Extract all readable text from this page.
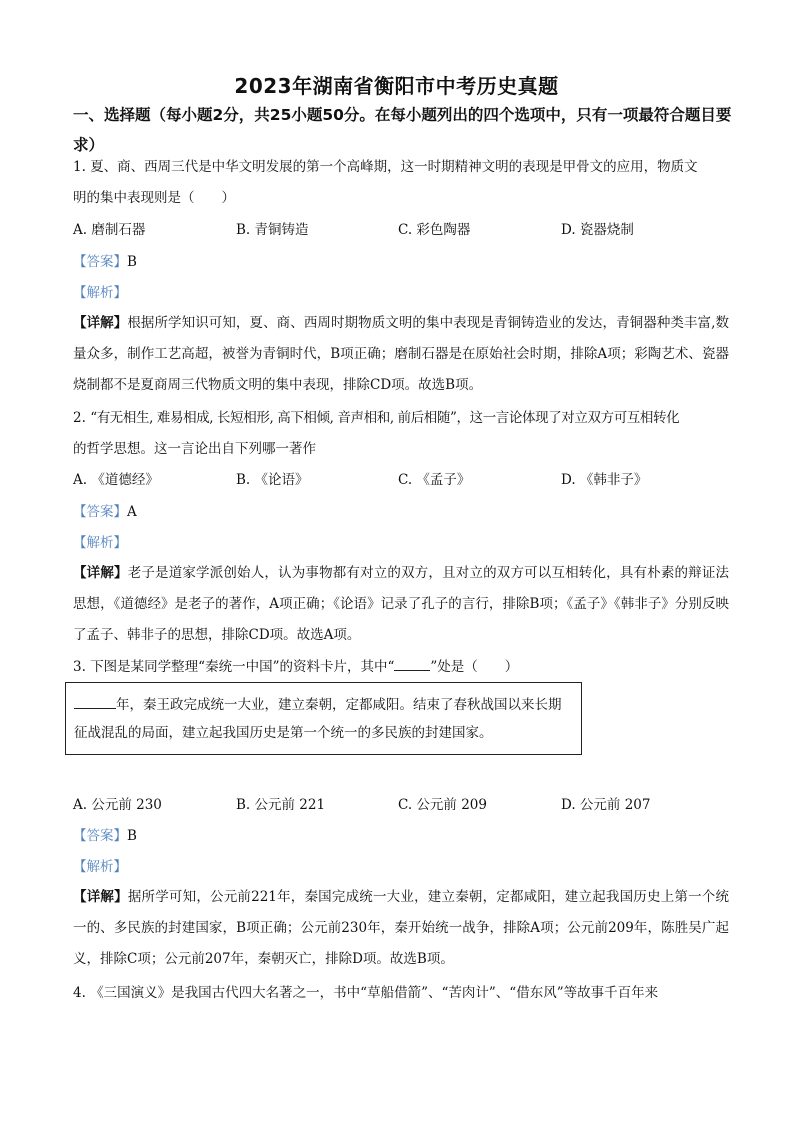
2023年湖南省衡阳市中考历史真题
一、选择题（每小题2分，共25小题50分。在每小题列出的四个选项中，只有一项最符合题目要求）
1. 夏、商、西周三代是中华文明发展的第一个高峰期，这一时期精神文明的表现是甲骨文的应用，物质文
明的集中表现则是（　　）
A. 磨制石器	B. 青铜铸造	C. 彩色陶器	D. 瓷器烧制
【答案】B
【解析】
【详解】根据所学知识可知，夏、商、西周时期物质文明的集中表现是青铜铸造业的发达，青铜器种类丰富,数量众多，制作工艺高超，被誉为青铜时代，B项正确；磨制石器是在原始社会时期，排除A项；彩陶艺术、瓷器烧制都不是夏商周三代物质文明的集中表现，排除CD项。故选B项。
2. “有无相生, 难易相成, 长短相形, 高下相倾, 音声相和, 前后相随”，这一言论体现了对立双方可互相转化
的哲学思想。这一言论出自下列哪一著作
A. 《道德经》	B. 《论语》	C. 《孟子》	D. 《韩非子》
【答案】A
【解析】
【详解】老子是道家学派创始人，认为事物都有对立的双方，且对立的双方可以互相转化，具有朴素的辩证法思想，《道德经》是老子的著作，A项正确；《论语》记录了孔子的言行，排除B项；《孟子》《韩非子》分别反映了孟子、韩非子的思想，排除CD项。故选A项。
3. 下图是某同学整理“秦统一中国”的资料卡片，其中“	”处是（　　）
年，秦王政完成统一大业，建立秦朝，定都咸阳。结束了春秋战国以来长期
征战混乱的局面，建立起我国历史是第一个统一的多民族的封建国家。
A. 公元前 230	B. 公元前 221	C. 公元前 209	D. 公元前 207
【答案】B
【解析】
【详解】据所学可知，公元前221年，秦国完成统一大业，建立秦朝，定都咸阳，建立起我国历史上第一个统一的、多民族的封建国家，B项正确；公元前230年，秦开始统一战争，排除A项；公元前209年，陈胜吴广起义，排除C项；公元前207年，秦朝灭亡，排除D项。故选B项。
4. 《三国演义》是我国古代四大名著之一，书中“草船借箭”、“苦肉计”、“借东风”等故事千百年来
